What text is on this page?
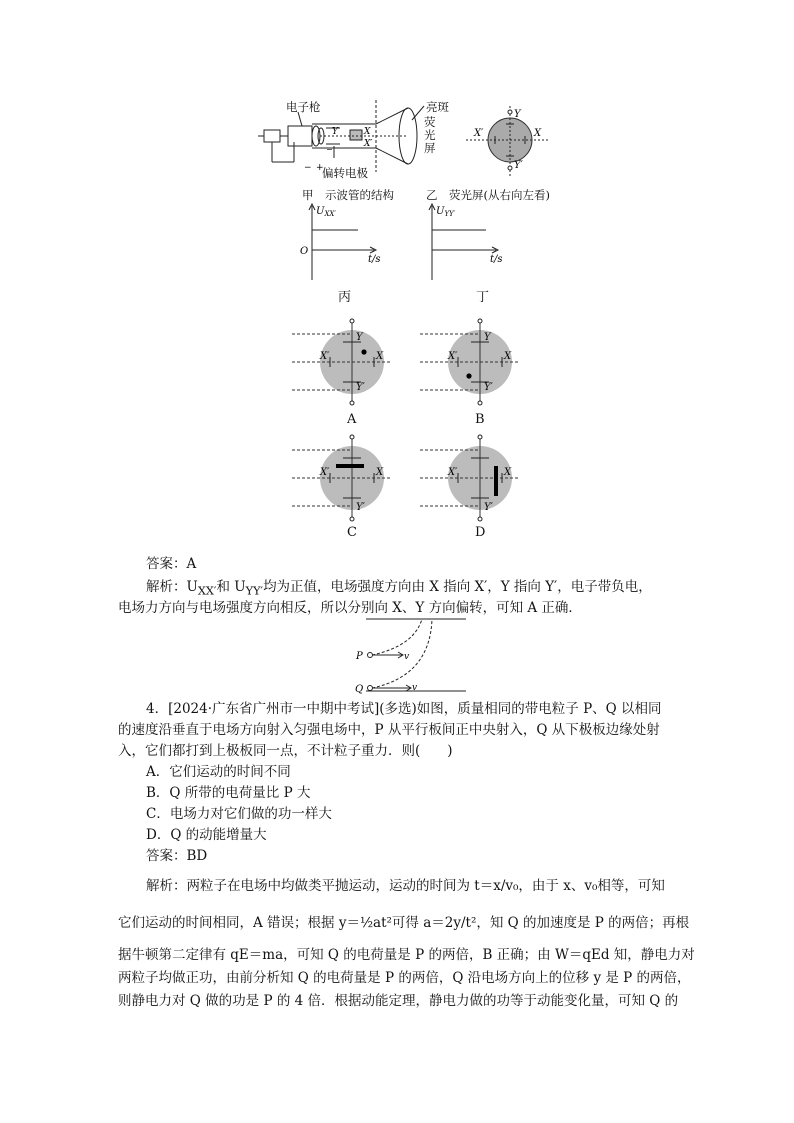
Y	X
X′
−
− +
电子枪
偏转电极
亮斑
荧
光
屏
Y
Y′
X′	X
甲　示波管的结构	乙　荧光屏(从右向左看)
$U_{XX'}$
O
t/s
$U_{YY'}$
t/s
丙	丁
Y
Y′
X′	X
Y
Y′
X′	X
X′	X
Y′
X′	X
Y′
A	B
C	D
答案：A
解析：$U_{XX'}$和 $U_{YY'}$均为正值，电场强度方向由 X 指向 X′，Y 指向 Y′，电子带负电，
电场力方向与电场强度方向相反，所以分别向 X、Y 方向偏转，可知 A 正确．
P
Q
v
v
4．[2024·广东省广州市一中期中考试](多选)如图，质量相同的带电粒子 P、Q 以相同
的速度沿垂直于电场方向射入匀强电场中，P 从平行板间正中央射入，Q 从下极板边缘处射
入，它们都打到上极板同一点，不计粒子重力．则(　　)
A．它们运动的时间不同
B．Q 所带的电荷量比 P 大
C．电场力对它们做的功一样大
D．Q 的动能增量大
答案：BD
解析：两粒子在电场中均做类平抛运动，运动的时间为 t＝x/v₀，由于 x、v₀相等，可知
它们运动的时间相同，A 错误；根据 y＝½at²可得 a＝2y/t²，知 Q 的加速度是 P 的两倍；再根
据牛顿第二定律有 qE＝ma，可知 Q 的电荷量是 P 的两倍，B 正确；由 W＝qEd 知，静电力对
两粒子均做正功，由前分析知 Q 的电荷量是 P 的两倍，Q 沿电场方向上的位移 y 是 P 的两倍，
则静电力对 Q 做的功是 P 的 4 倍．根据动能定理，静电力做的功等于动能变化量，可知 Q 的
